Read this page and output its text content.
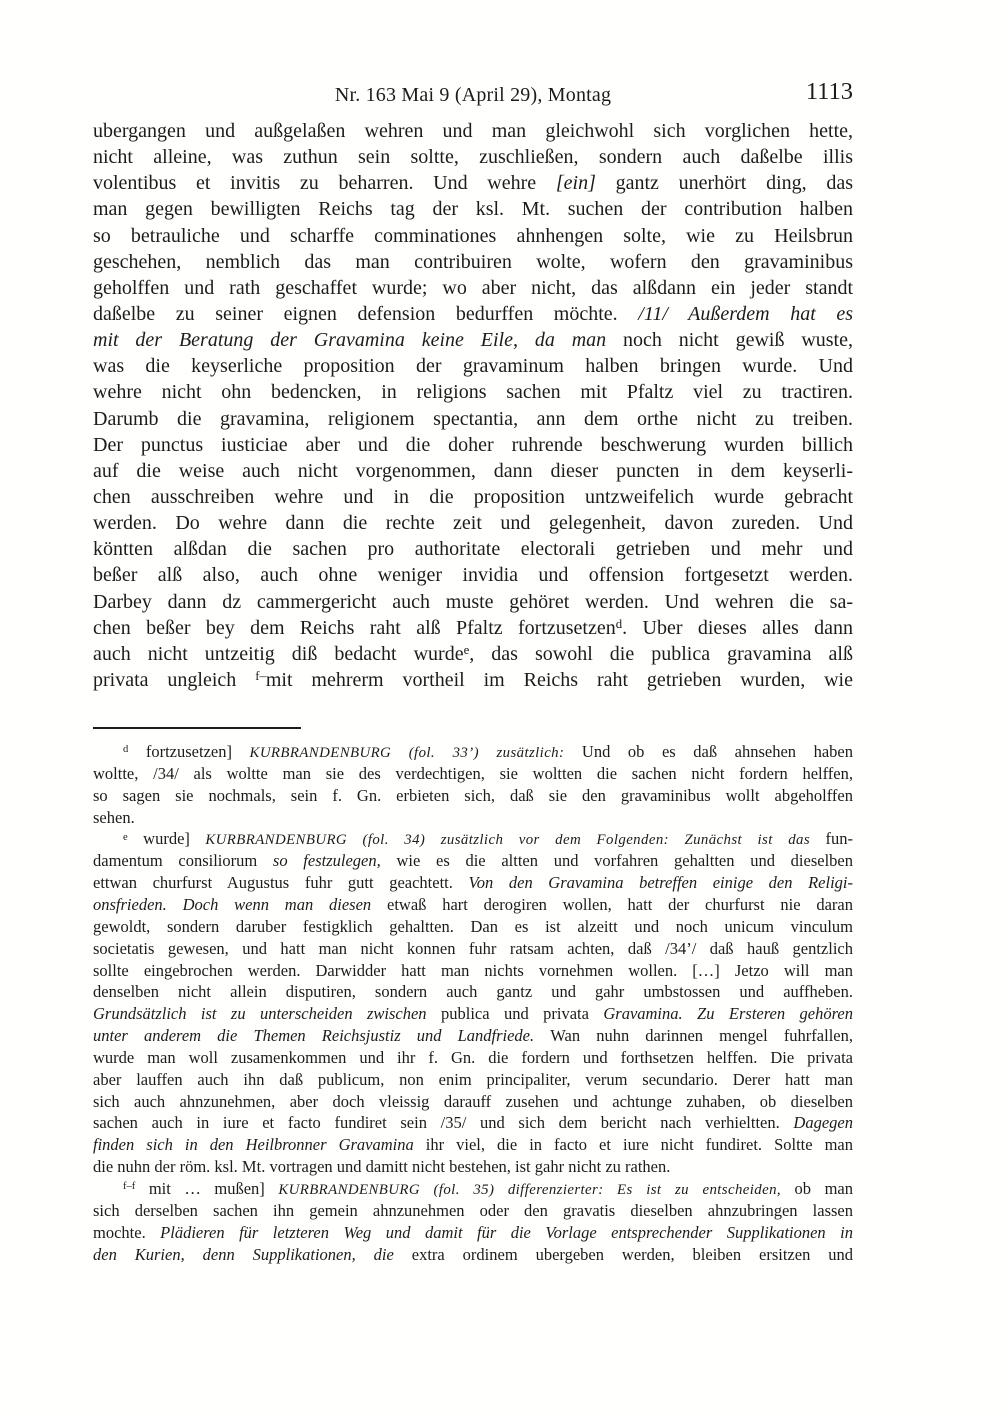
Nr. 163 Mai 9 (April 29), Montag	1113
ubergangen und außgelaßen wehren und man gleichwohl sich vorglichen hette,
nicht alleine, was zuthun sein soltte, zuschließen, sondern auch daßelbe illis
volentibus et invitis zu beharren. Und wehre [ein] gantz unerhört ding, das
man gegen bewilligten Reichs tag der ksl. Mt. suchen der contribution halben
so betrauliche und scharffe comminationes ahnhengen solte, wie zu Heilsbrun
geschehen, nemblich das man contribuiren wolte, wofern den gravaminibus
geholffen und rath geschaffet wurde; wo aber nicht, das alßdann ein jeder standt
daßelbe zu seiner eignen defension bedurffen möchte. /11/ Außerdem hat es
mit der Beratung der Gravamina keine Eile, da man noch nicht gewiß wuste,
was die keyserliche proposition der gravaminum halben bringen wurde. Und
wehre nicht ohn bedencken, in religions sachen mit Pfaltz viel zu tractiren.
Darumb die gravamina, religionem spectantia, ann dem orthe nicht zu treiben.
Der punctus iusticiae aber und die doher ruhrende beschwerung wurden billich
auf die weise auch nicht vorgenommen, dann dieser puncten in dem keyserli-
chen ausschreiben wehre und in die proposition untzweifelich wurde gebracht
werden. Do wehre dann die rechte zeit und gelegenheit, davon zureden. Und
köntten alßdan die sachen pro authoritate electorali getrieben und mehr und
beßer alß also, auch ohne weniger invidia und offension fortgesetzt werden.
Darbey dann dz cammergericht auch muste gehöret werden. Und wehren die sa-
chen beßer bey dem Reichs raht alß Pfaltz fortzusetzen$^d$. Uber dieses alles dann
auch nicht untzeitig diß bedacht wurde$^e$, das sowohl die publica gravamina alß
privata ungleich $^{f-}$mit mehrerm vortheil im Reichs raht getrieben wurden, wie
$^d$ fortzusetzen] KURBRANDENBURG (fol. 33’) zusätzlich: Und ob es daß ahnsehen haben
woltte, /34/ als woltte man sie des verdechtigen, sie woltten die sachen nicht fordern helffen,
so sagen sie nochmals, sein f. Gn. erbieten sich, daß sie den gravaminibus wollt abgeholffen
sehen.
$^e$ wurde] KURBRANDENBURG (fol. 34) zusätzlich vor dem Folgenden: Zunächst ist das fun-
damentum consiliorum so festzulegen, wie es die altten und vorfahren gehaltten und dieselben
ettwan churfurst Augustus fuhr gutt geachtett. Von den Gravamina betreffen einige den Religi-
onsfrieden. Doch wenn man diesen etwaß hart derogiren wollen, hatt der churfurst nie daran
gewoldt, sondern daruber festigklich gehaltten. Dan es ist alzeitt und noch unicum vinculum
societatis gewesen, und hatt man nicht konnen fuhr ratsam achten, daß /34’/ daß hauß gentzlich
sollte eingebrochen werden. Darwidder hatt man nichts vornehmen wollen. […] Jetzo will man
denselben nicht allein disputiren, sondern auch gantz und gahr umbstossen und auffheben.
Grundsätzlich ist zu unterscheiden zwischen publica und privata Gravamina. Zu Ersteren gehören
unter anderem die Themen Reichsjustiz und Landfriede. Wan nuhn darinnen mengel fuhrfallen,
wurde man woll zusamenkommen und ihr f. Gn. die fordern und forthsetzen helffen. Die privata
aber lauffen auch ihn daß publicum, non enim principaliter, verum secundario. Derer hatt man
sich auch ahnzunehmen, aber doch vleissig darauff zusehen und achtunge zuhaben, ob dieselben
sachen auch in iure et facto fundiret sein /35/ und sich dem bericht nach verhieltten. Dagegen
finden sich in den Heilbronner Gravamina ihr viel, die in facto et iure nicht fundiret. Soltte man
die nuhn der röm. ksl. Mt. vortragen und damitt nicht bestehen, ist gahr nicht zu rathen.
$^{f-f}$ mit … mußen] KURBRANDENBURG (fol. 35) differenzierter: Es ist zu entscheiden, ob man
sich derselben sachen ihn gemein ahnzunehmen oder den gravatis dieselben ahnzubringen lassen
mochte. Plädieren für letzteren Weg und damit für die Vorlage entsprechender Supplikationen in
den Kurien, denn Supplikationen, die extra ordinem ubergeben werden, bleiben ersitzen und
